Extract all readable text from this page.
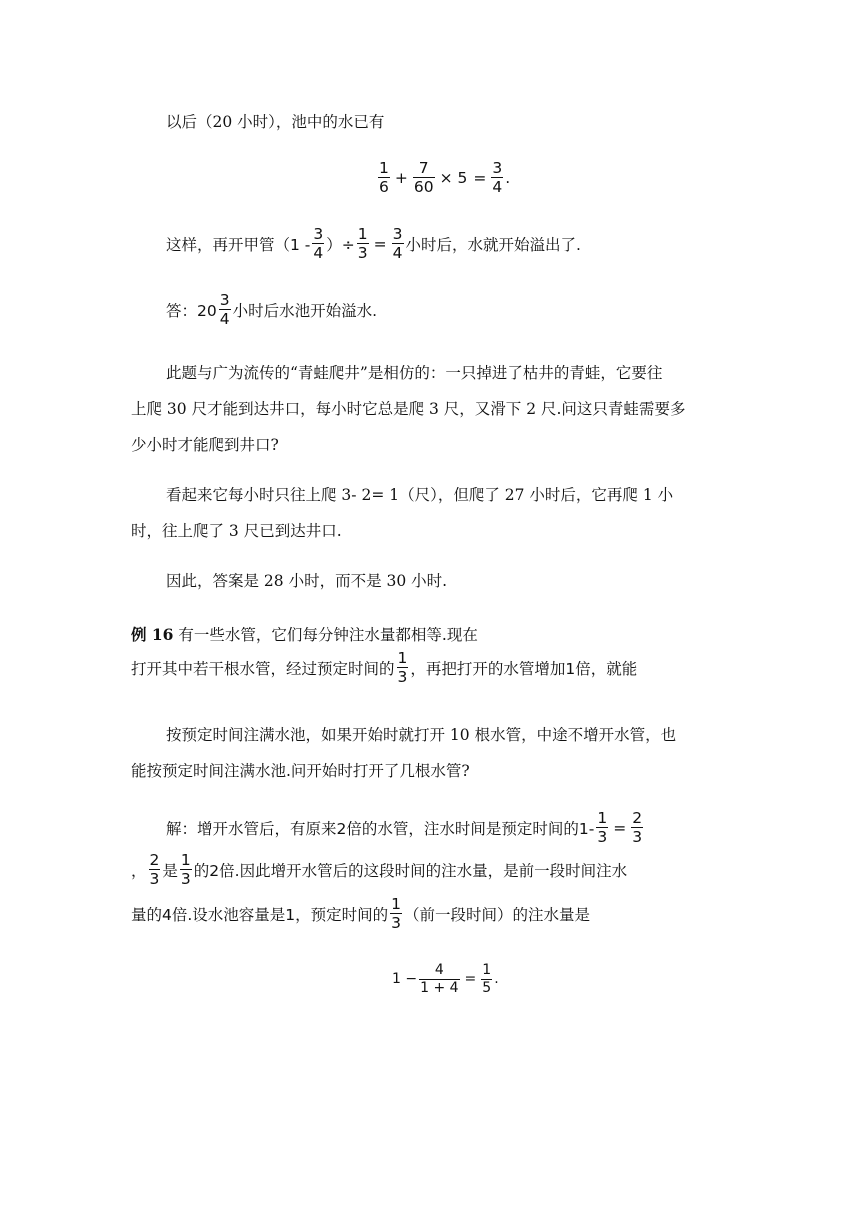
以后（20 小时），池中的水已有
$\frac{1}{6} + \frac{7}{60} \times 5 = \frac{3}{4}$ .
这样，再开甲管（$1 - \frac{3}{4}$ ）÷ $\frac{1}{3} = \frac{3}{4}$ 小时后，水就开始溢出了.
答：$20 \frac{3}{4}$ 小时后水池开始溢水.
此题与广为流传的“青蛙爬井”是相仿的：一只掉进了枯井的青蛙，它要往
上爬 30 尺才能到达井口，每小时它总是爬 3 尺，又滑下 2 尺.问这只青蛙需要多
少小时才能爬到井口?
看起来它每小时只往上爬 3- 2= 1（尺），但爬了 27 小时后，它再爬 1 小
时，往上爬了 3 尺已到达井口.
因此，答案是 28 小时，而不是 30 小时.
例 16 有一些水管，它们每分钟注水量都相等.现在
打开其中若干根水管，经过预定时间的 $\frac{1}{3}$ ，再把打开的水管增加1倍，就能
按预定时间注满水池，如果开始时就打开 10 根水管，中途不增开水管，也
能按预定时间注满水池.问开始时打开了几根水管?
解：增开水管后，有原来2倍的水管，注水时间是预定时间的$1- \frac{1}{3} = \frac{2}{3}$
， $\frac{2}{3}$ 是 $\frac{1}{3}$ 的2倍.因此增开水管后的这段时间的注水量，是前一段时间注水
量的4倍.设水池容量是1，预定时间的 $\frac{1}{3}$ （前一段时间）的注水量是
$1 - \frac{4}{1 + 4} = \frac{1}{5}$ .
